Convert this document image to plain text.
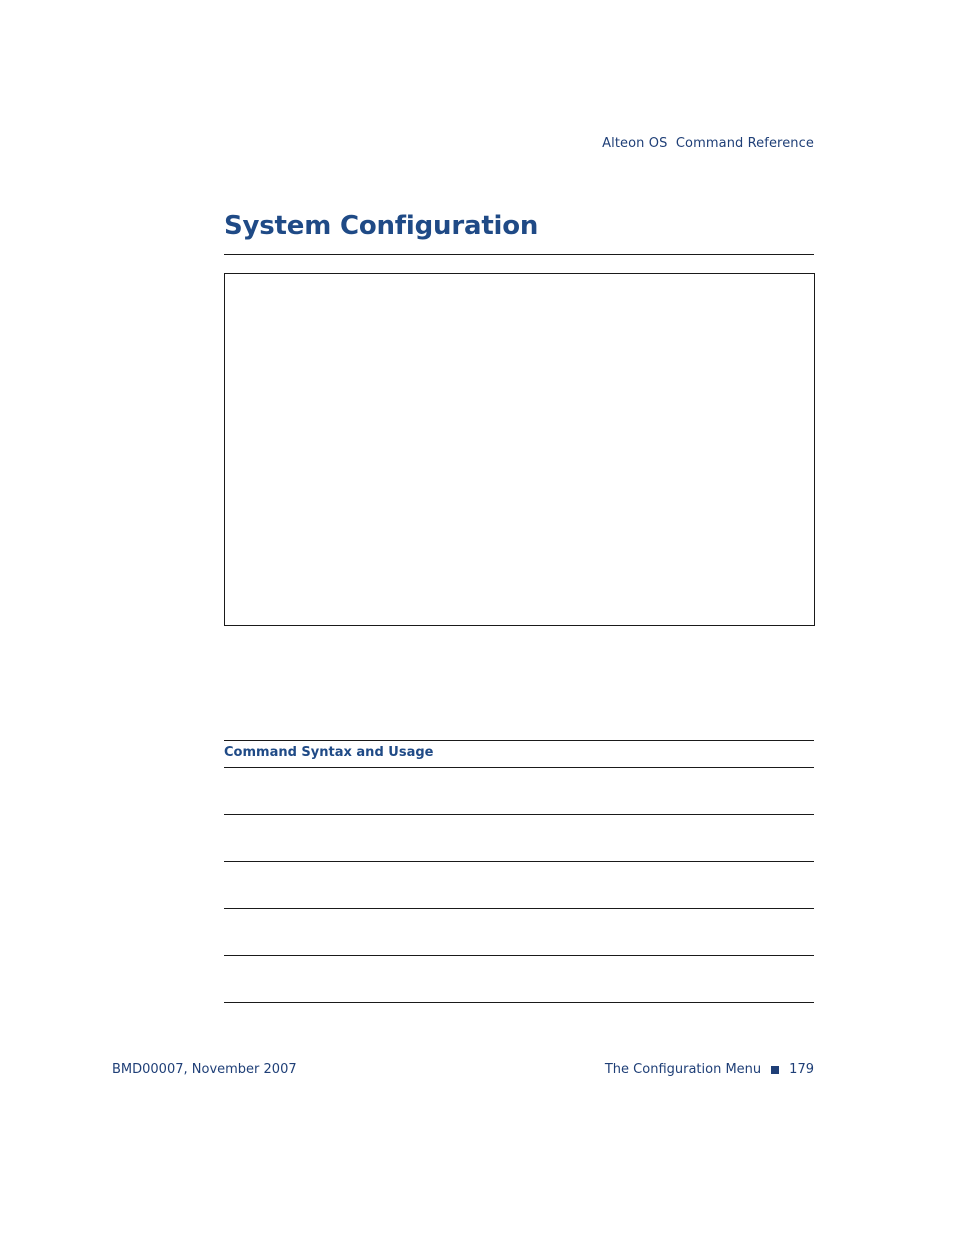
Alteon OS  Command Reference
System Configuration
Command Syntax and Usage
BMD00007, November 2007	The Configuration Menu 179
